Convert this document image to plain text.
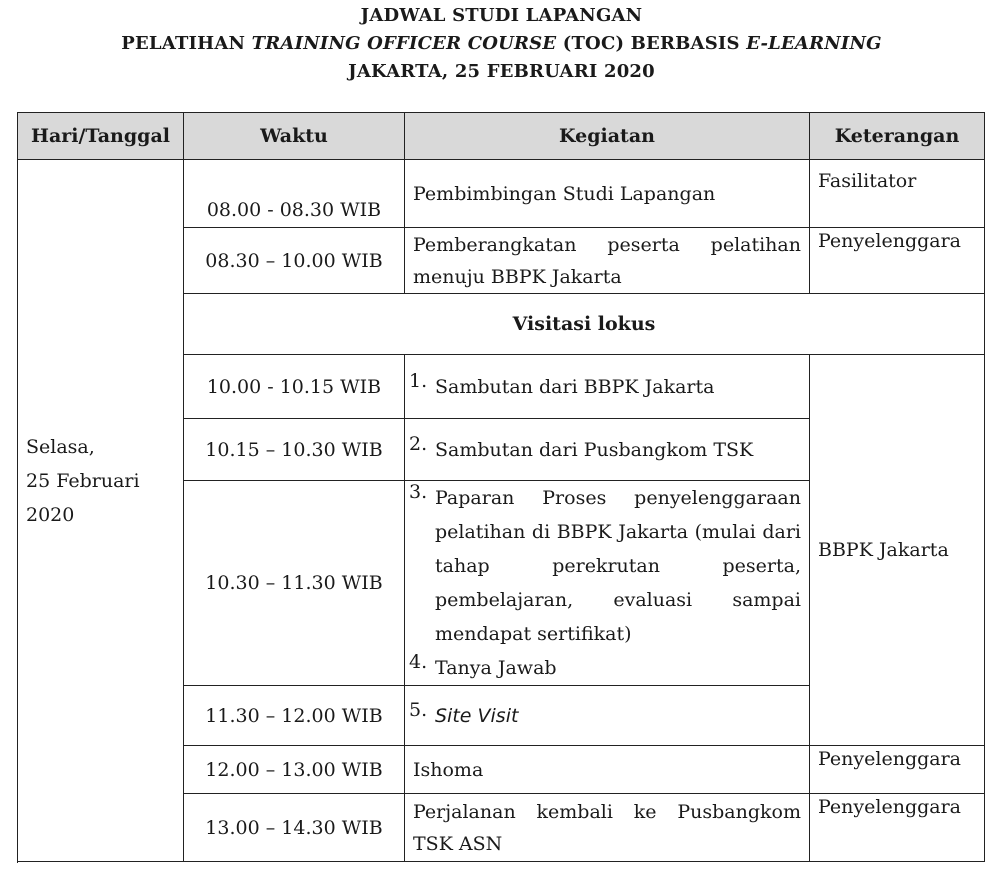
JADWAL STUDI LAPANGAN
PELATIHAN TRAINING OFFICER COURSE (TOC) BERBASIS E-LEARNING
JAKARTA, 25 FEBRUARI 2020
Hari/Tanggal	Waktu	Kegiatan	Keterangan

Selasa,
25 Februari
2020	08.00 - 08.30 WIB	Pembimbingan Studi Lapangan	Fasilitator
	08.30 – 10.00 WIB	Pemberangkatan peserta pelatihan menuju BBPK Jakarta	Penyelenggara
	Visitasi lokus		
	10.00 - 10.15 WIB	1. Sambutan dari BBPK Jakarta	BBPK Jakarta
	10.15 – 10.30 WIB	2. Sambutan dari Pusbangkom TSK	

	10.30 – 11.30 WIB	3. Paparan Proses penyelenggaraan pelatihan di BBPK Jakarta (mulai dari tahap perekrutan peserta, pembelajaran, evaluasi sampai mendapat sertifikat)
4. Tanya Jawab	

	11.30 – 12.00 WIB	5. Site Visit	

	12.00 – 13.00 WIB	Ishoma	Penyelenggara
	13.00 – 14.30 WIB	Perjalanan kembali ke Pusbangkom TSK ASN	Penyelenggara
